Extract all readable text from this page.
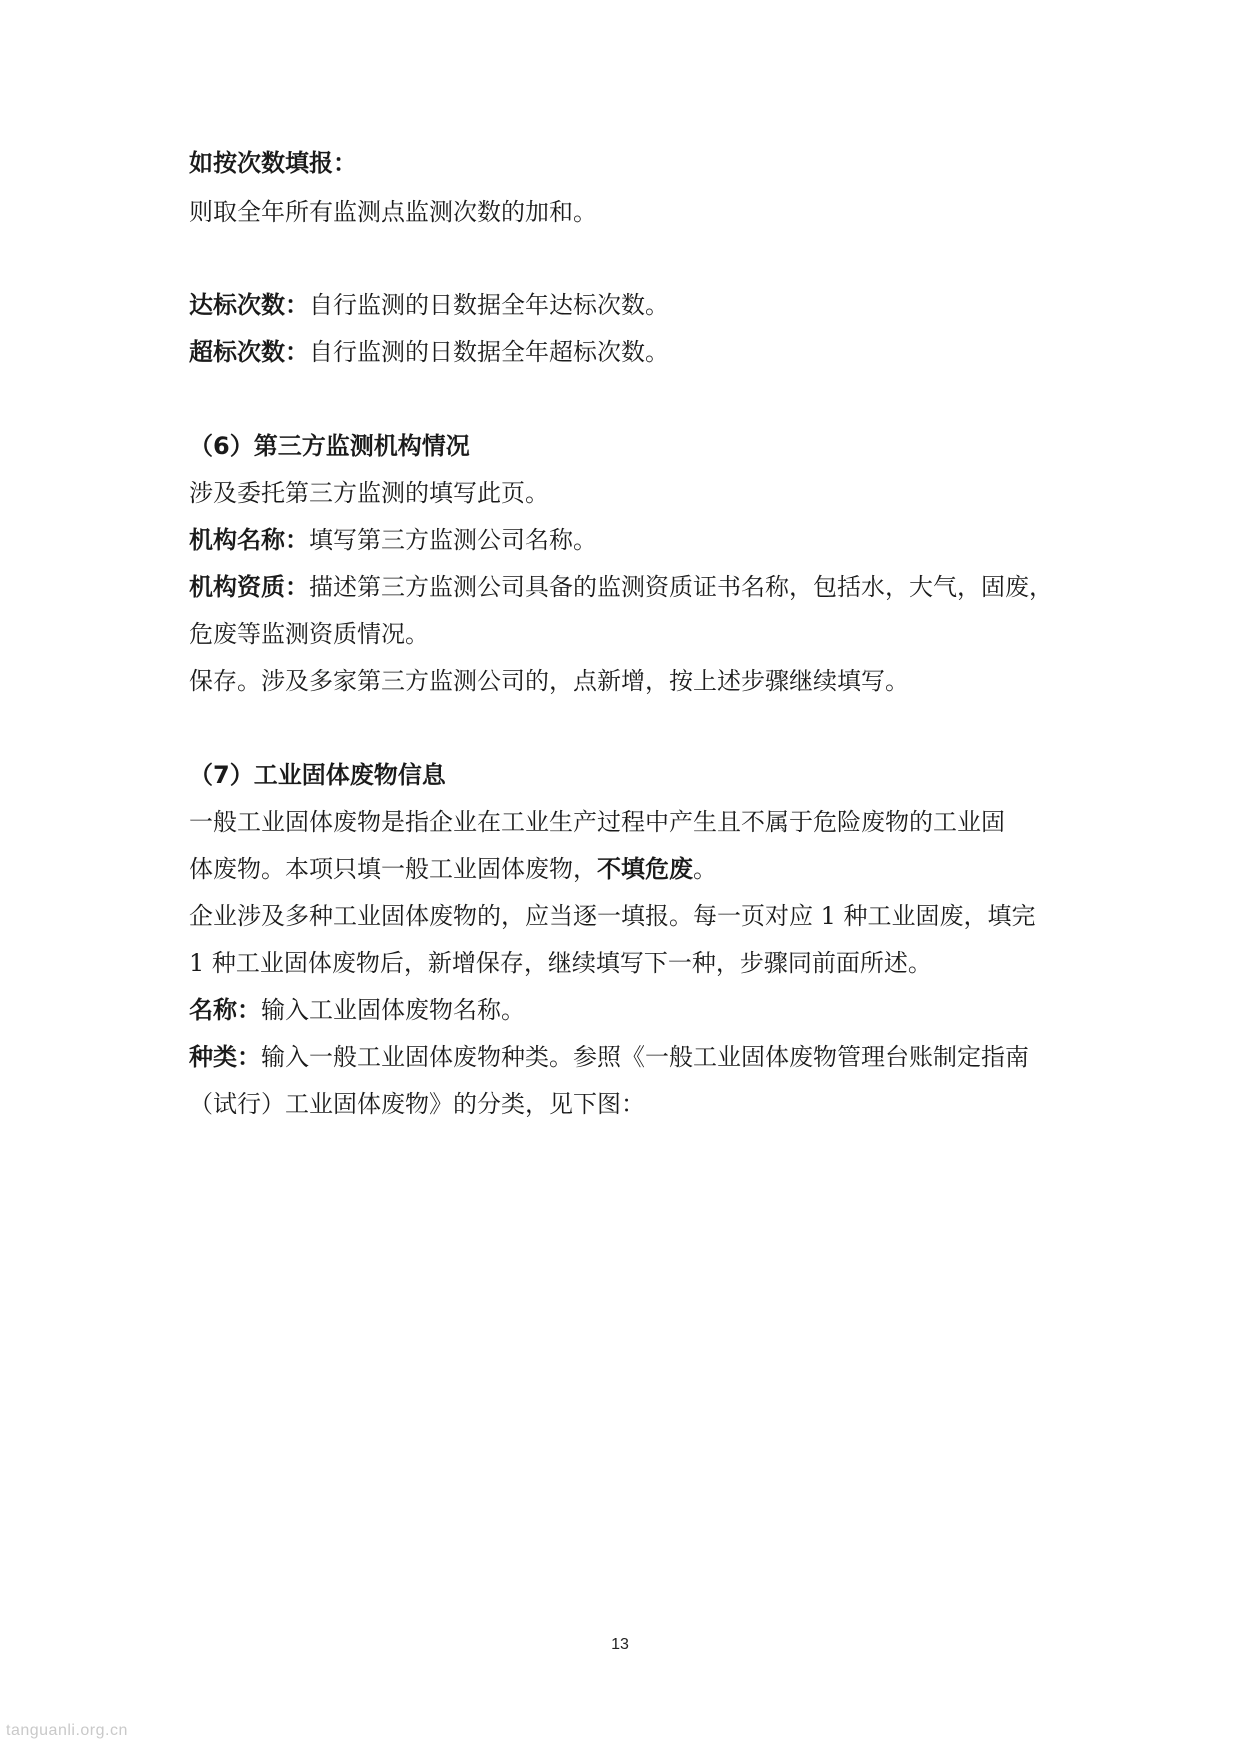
如按次数填报：
则取全年所有监测点监测次数的加和。
达标次数：自行监测的日数据全年达标次数。
超标次数：自行监测的日数据全年超标次数。
（6）第三方监测机构情况
涉及委托第三方监测的填写此页。
机构名称：填写第三方监测公司名称。
机构资质：描述第三方监测公司具备的监测资质证书名称，包括水，大气，固废，
危废等监测资质情况。
保存。涉及多家第三方监测公司的，点新增，按上述步骤继续填写。
（7）工业固体废物信息
一般工业固体废物是指企业在工业生产过程中产生且不属于危险废物的工业固
体废物。本项只填一般工业固体废物，不填危废。
企业涉及多种工业固体废物的，应当逐一填报。每一页对应 1 种工业固废，填完
1 种工业固体废物后，新增保存，继续填写下一种，步骤同前面所述。
名称：输入工业固体废物名称。
种类：输入一般工业固体废物种类。参照《一般工业固体废物管理台账制定指南
（试行）工业固体废物》的分类，见下图：
13
tanguanli.org.cn
